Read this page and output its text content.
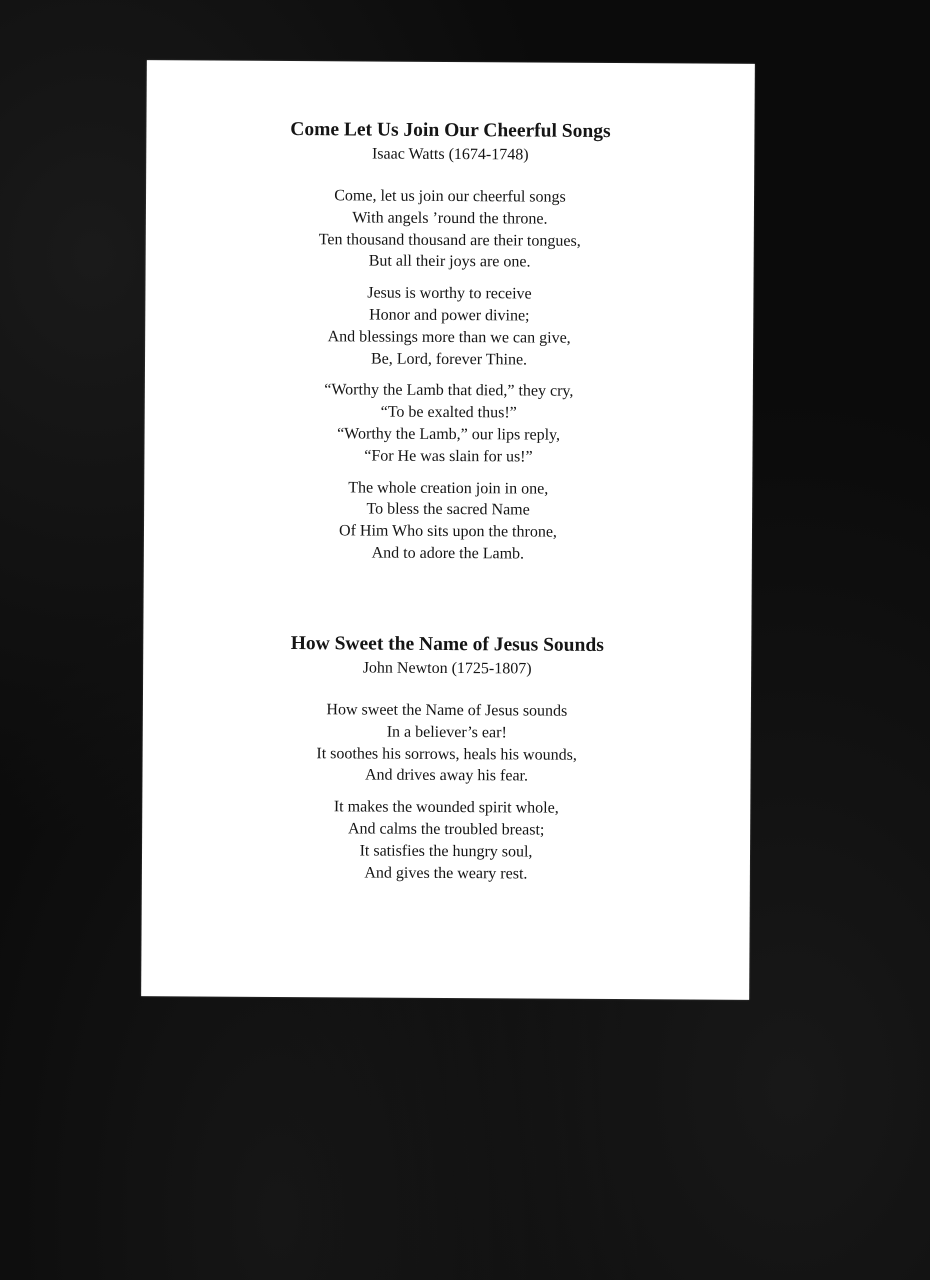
Come Let Us Join Our Cheerful Songs

Isaac Watts (1674-1748)

Come, let us join our cheerful songs
With angels ’round the throne.
Ten thousand thousand are their tongues,
But all their joys are one.
Jesus is worthy to receive
Honor and power divine;
And blessings more than we can give,
Be, Lord, forever Thine.
“Worthy the Lamb that died,” they cry,
“To be exalted thus!”
“Worthy the Lamb,” our lips reply,
“For He was slain for us!”
The whole creation join in one,
To bless the sacred Name
Of Him Who sits upon the throne,
And to adore the Lamb.
How Sweet the Name of Jesus Sounds

John Newton (1725-1807)

How sweet the Name of Jesus sounds
In a believer’s ear!
It soothes his sorrows, heals his wounds,
And drives away his fear.
It makes the wounded spirit whole,
And calms the troubled breast;
It satisfies the hungry soul,
And gives the weary rest.
